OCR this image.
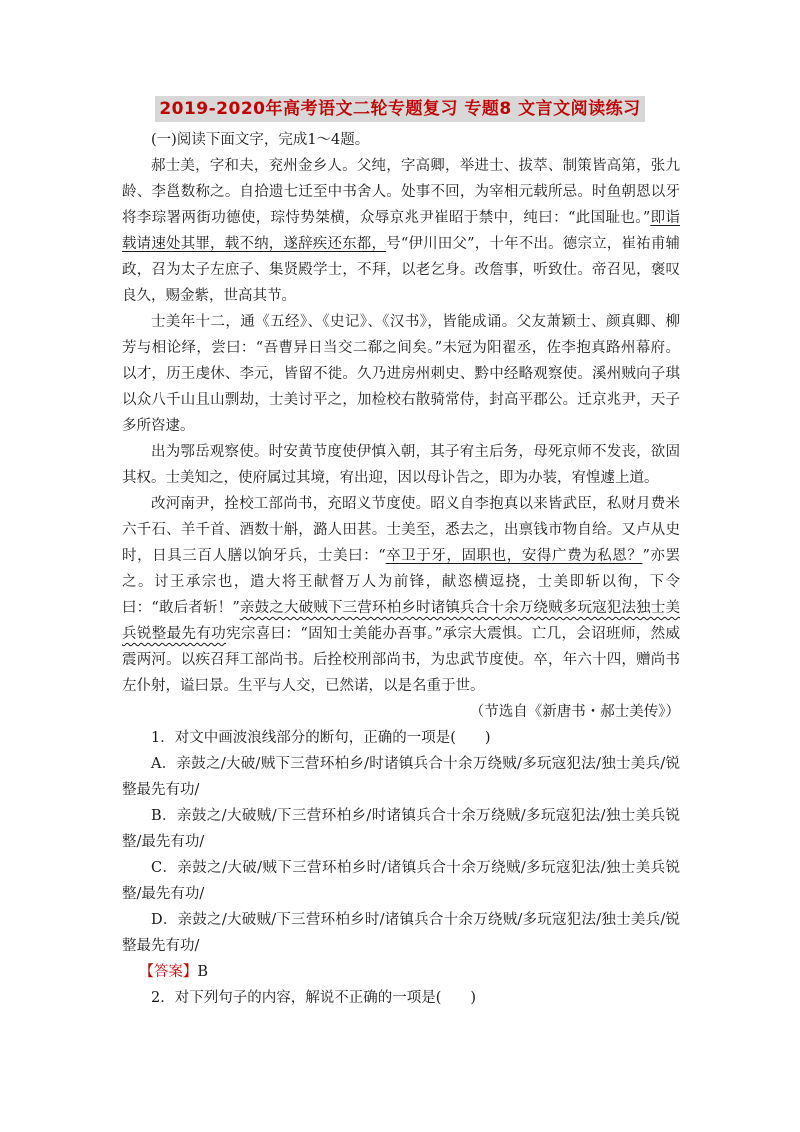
2019-2020年高考语文二轮专题复习 专题8 文言文阅读练习

(一)阅读下面文字，完成1～4题。

郝士美，字和夫，兖州金乡人。父纯，字高卿，举进士、拔萃、制策皆高第，张九龄、李邕数称之。自拾遗七迁至中书舍人。处事不回，为宰相元载所忌。时鱼朝恩以牙将李琮署两街功德使，琮恃势桀横，众辱京兆尹崔昭于禁中，纯曰：“此国耻也。”即诣载请速处其罪，载不纳，遂辞疾还东都，号“伊川田父”，十年不出。德宗立，崔祐甫辅政，召为太子左庶子、集贤殿学士，不拜，以老乞身。改詹事，听致仕。帝召见，褒叹良久，赐金紫，世高其节。

士美年十二，通《五经》、《史记》、《汉书》，皆能成诵。父友萧颖士、颜真卿、柳芳与相论绎，尝曰：“吾曹异日当交二郗之间矣。”未冠为阳翟丞，佐李抱真路州幕府。以才，历王虔休、李元，皆留不徙。久乃进房州刺史、黔中经略观察使。溪州贼向子琪以众八千山且山剽劫，士美讨平之，加检校右散骑常侍，封高平郡公。迁京兆尹，天子多所咨逮。

出为鄂岳观察使。时安黄节度使伊慎入朝，其子宥主后务，母死京师不发丧，欲固其权。士美知之，使府属过其境，宥出迎，因以母讣告之，即为办装，宥惶遽上道。

改河南尹，拴校工部尚书，充昭义节度使。昭义自李抱真以来皆武臣，私财月费米六千石、羊千首、酒数十斛，潞人田甚。士美至，悉去之，出禀钱市物自给。又卢从史时，日具三百人膳以饷牙兵，士美曰：“卒卫于牙，固职也，安得广费为私恩？”亦罢之。讨王承宗也，遣大将王献督万人为前锋，献恣横逗挠，士美即斩以徇，下令曰：“敢后者斩！”亲鼓之大破贼下三营环柏乡时诸镇兵合十余万绕贼多玩寇犯法独士美兵锐整最先有功宪宗喜曰：“固知士美能办吾事。”承宗大震惧。亡几，会诏班师，然威震两河。以疾召拜工部尚书。后拴校刑部尚书，为忠武节度使。卒，年六十四，赠尚书左仆射，谥曰景。生平与人交，已然诺，以是名重于世。

（节选自《新唐书・郝士美传》）

1．对文中画波浪线部分的断句，正确的一项是(　　)

A．亲鼓之/大破/贼下三营环柏乡/时诸镇兵合十余万绕贼/多玩寇犯法/独士美兵/锐整最先有功/

B．亲鼓之/大破贼/下三营环柏乡/时诸镇兵合十余万绕贼/多玩寇犯法/独士美兵锐整/最先有功/

C．亲鼓之/大破/贼下三营环柏乡时/诸镇兵合十余万绕贼/多玩寇犯法/独士美兵锐整/最先有功/

D．亲鼓之/大破贼/下三营环柏乡时/诸镇兵合十余万绕贼/多玩寇犯法/独士美兵/锐整最先有功/

【答案】B

2．对下列句子的内容，解说不正确的一项是(　　)
